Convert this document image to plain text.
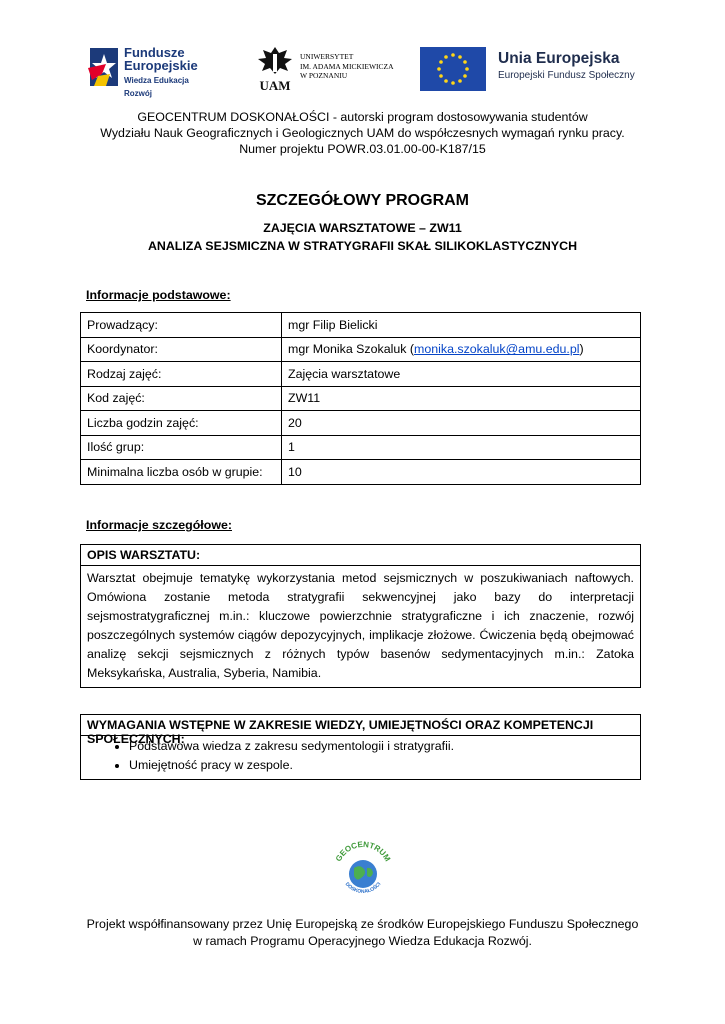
Fundusze
Europejskie
Wiedza Edukacja Rozwój
UAM
UNIWERSYTET
IM. ADAMA MICKIEWICZA
W POZNANIU
Unia Europejska
Europejski Fundusz Społeczny
GEOCENTRUM DOSKONAŁOŚCI - autorski program dostosowywania studentów
Wydziału Nauk Geograficznych i Geologicznych UAM do współczesnych wymagań rynku pracy.
Numer projektu POWR.03.01.00-00-K187/15
SZCZEGÓŁOWY PROGRAM
ZAJĘCIA WARSZTATOWE – ZW11
ANALIZA SEJSMICZNA W STRATYGRAFII SKAŁ SILIKOKLASTYCZNYCH
Informacje podstawowe:
Prowadzący:	mgr Filip Bielicki
Koordynator:	mgr Monika Szokaluk (monika.szokaluk@amu.edu.pl)
Rodzaj zajęć:	Zajęcia warsztatowe
Kod zajęć:	ZW11
Liczba godzin zajęć:	20
Ilość grup:	1
Minimalna liczba osób w grupie:	10
Informacje szczegółowe:
OPIS WARSZTATU:
Warsztat obejmuje tematykę wykorzystania metod sejsmicznych w poszukiwaniach naftowych. Omówiona zostanie metoda stratygrafii sekwencyjnej jako bazy do interpretacji sejsmostratygraficznej m.in.: kluczowe powierzchnie stratygraficzne i ich znaczenie, rozwój poszczególnych systemów ciągów depozycyjnych, implikacje złożowe. Ćwiczenia będą obejmować analizę sekcji sejsmicznych z różnych typów basenów sedymentacyjnych m.in.: Zatoka Meksykańska, Australia, Syberia, Namibia.
WYMAGANIA WSTĘPNE W ZAKRESIE WIEDZY, UMIEJĘTNOŚCI ORAZ KOMPETENCJI SPOŁECZNYCH:
• Podstawowa wiedza z zakresu sedymentologii i stratygrafii.
• Umiejętność pracy w zespole.
GEOCENTRUM
DOSKONAŁOŚCI
Projekt współfinansowany przez Unię Europejską ze środków Europejskiego Funduszu Społecznego
w ramach Programu Operacyjnego Wiedza Edukacja Rozwój.
